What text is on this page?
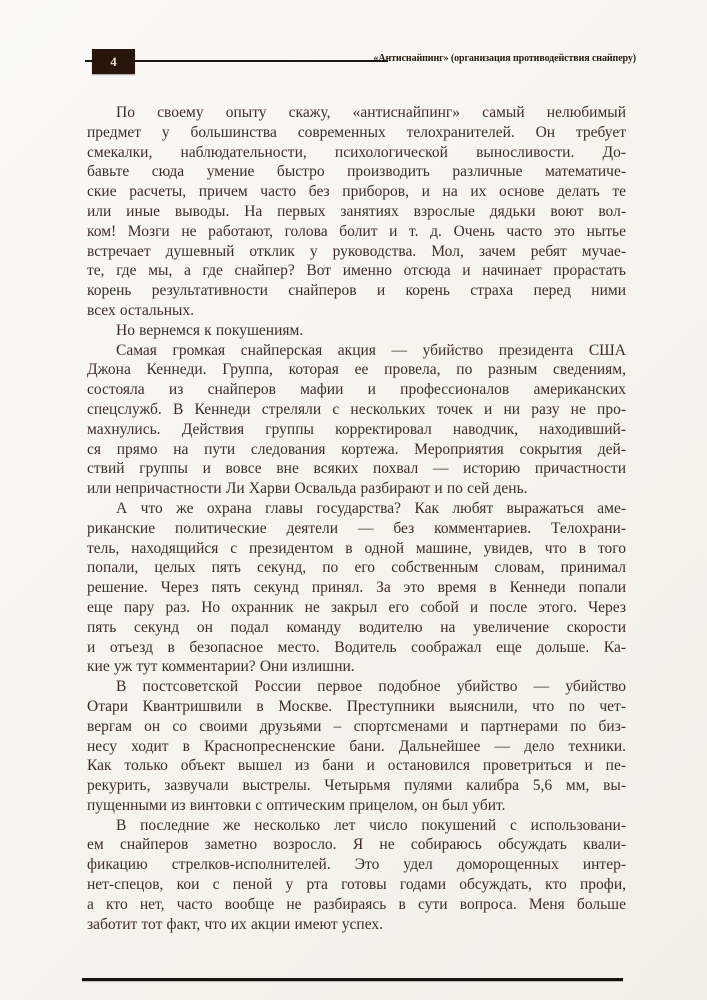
4	«Антиснайпинг» (организация противодействия снайперу)
По своему опыту скажу, «антиснайпинг» самый нелюбимый
предмет у большинства современных телохранителей. Он требует
смекалки, наблюдательности, психологической выносливости. До-
бавьте сюда умение быстро производить различные математиче-
ские расчеты, причем часто без приборов, и на их основе делать те
или иные выводы. На первых занятиях взрослые дядьки воют вол-
ком! Мозги не работают, голова болит и т. д. Очень часто это нытье
встречает душевный отклик у руководства. Мол, зачем ребят мучае-
те, где мы, а где снайпер? Вот именно отсюда и начинает прорастать
корень результативности снайперов и корень страха перед ними
всех остальных.
Но вернемся к покушениям.
Самая громкая снайперская акция — убийство президента США
Джона Кеннеди. Группа, которая ее провела, по разным сведениям,
состояла из снайперов мафии и профессионалов американских
спецслужб. В Кеннеди стреляли с нескольких точек и ни разу не про-
махнулись. Действия группы корректировал наводчик, находивший-
ся прямо на пути следования кортежа. Мероприятия сокрытия дей-
ствий группы и вовсе вне всяких похвал — историю причастности
или непричастности Ли Харви Освальда разбирают и по сей день.
А что же охрана главы государства? Как любят выражаться аме-
риканские политические деятели — без комментариев. Телохрани-
тель, находящийся с президентом в одной машине, увидев, что в того
попали, целых пять секунд, по его собственным словам, принимал
решение. Через пять секунд принял. За это время в Кеннеди попали
еще пару раз. Но охранник не закрыл его собой и после этого. Через
пять секунд он подал команду водителю на увеличение скорости
и отъезд в безопасное место. Водитель соображал еще дольше. Ка-
кие уж тут комментарии? Они излишни.
В постсоветской России первое подобное убийство — убийство
Отари Квантришвили в Москве. Преступники выяснили, что по чет-
вергам он со своими друзьями – спортсменами и партнерами по биз-
несу ходит в Краснопресненские бани. Дальнейшее — дело техники.
Как только объект вышел из бани и остановился проветриться и пе-
рекурить, зазвучали выстрелы. Четырьмя пулями калибра 5,6 мм, вы-
пущенными из винтовки с оптическим прицелом, он был убит.
В последние же несколько лет число покушений с использовани-
ем снайперов заметно возросло. Я не собираюсь обсуждать квали-
фикацию стрелков-исполнителей. Это удел доморощенных интер-
нет-спецов, кои с пеной у рта готовы годами обсуждать, кто профи,
а кто нет, часто вообще не разбираясь в сути вопроса. Меня больше
заботит тот факт, что их акции имеют успех.
